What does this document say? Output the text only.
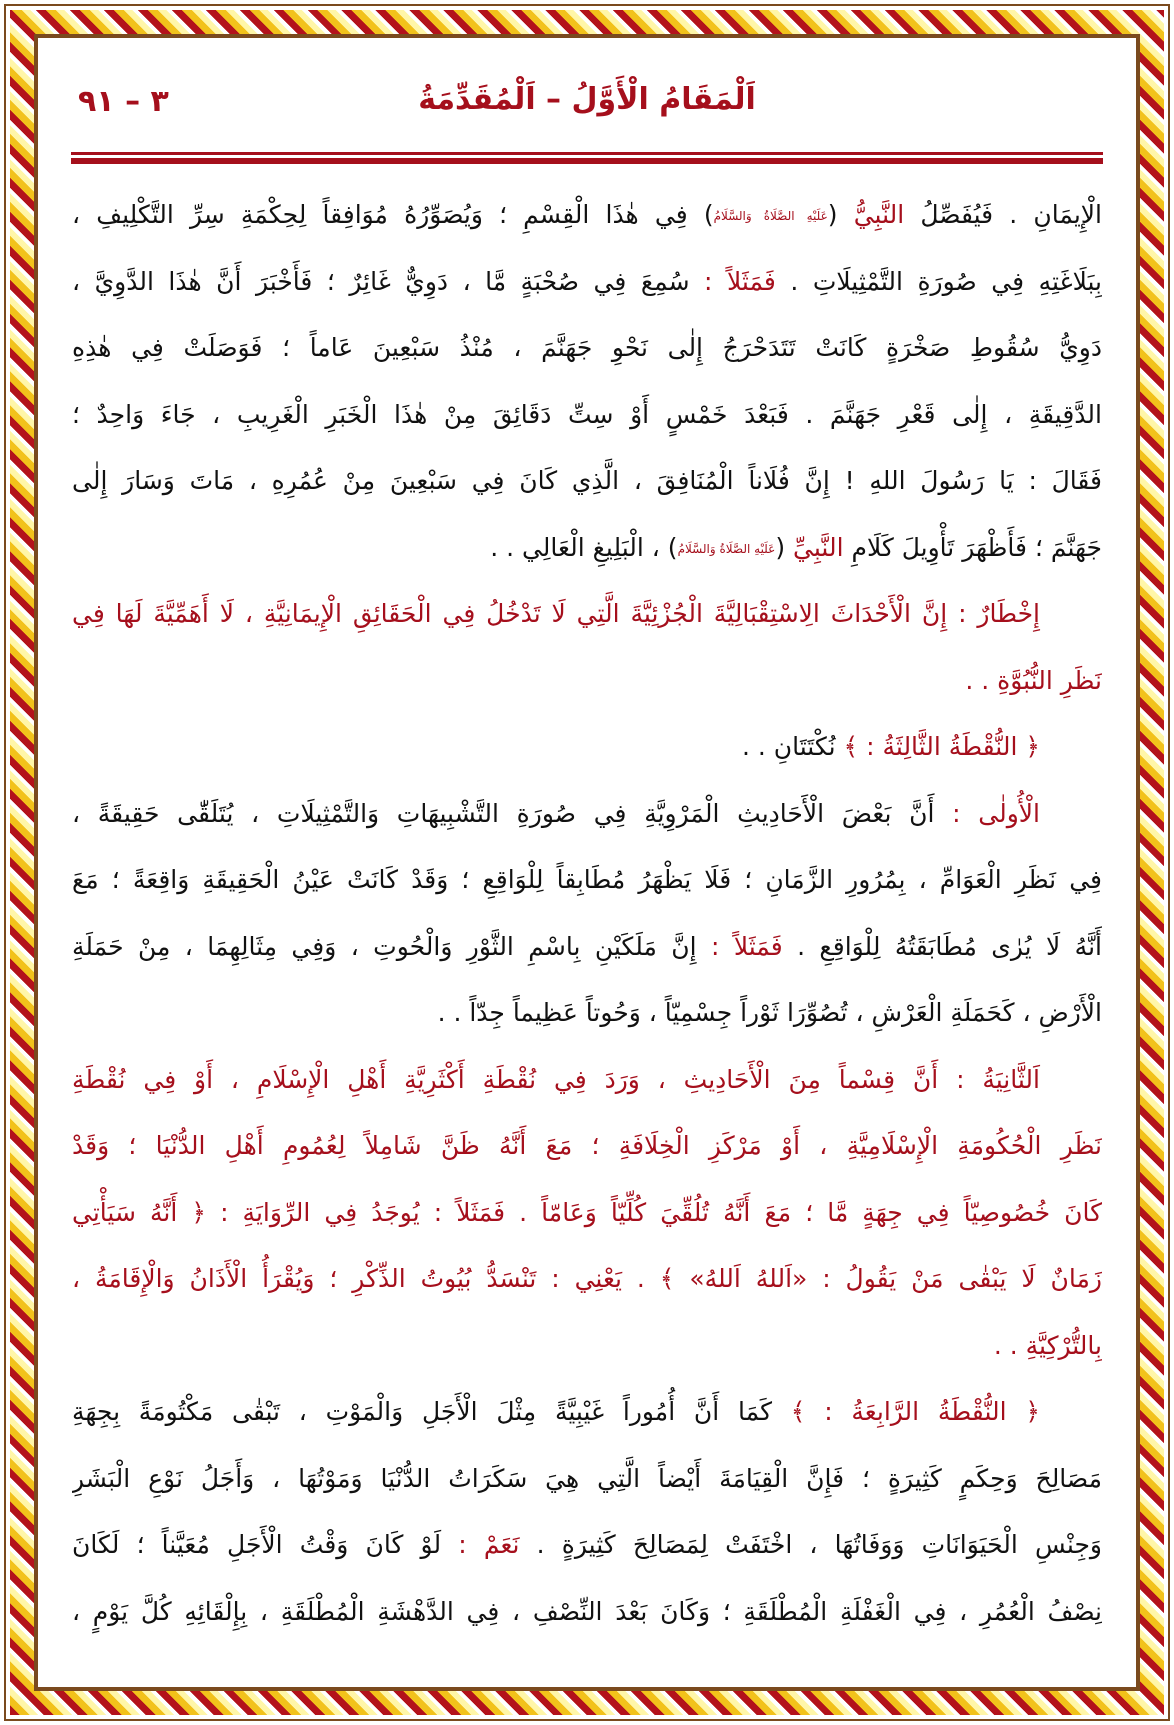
اَلْمَقَامُ الْأَوَّلُ – اَلْمُقَدِّمَةُ
٣ – ٩١
الْإِيمَانِ . فَيُفَصِّلُ النَّبِيُّ (عَلَيْهِ الصَّلَاةُ وَالسَّلَامُ) فِي هٰذَا الْقِسْمِ ؛ وَيُصَوِّرُهُ مُوَافِقاً لِحِكْمَةِ سِرِّ التَّكْلِيفِ ،
بِبَلَاغَتِهِ فِي صُورَةِ التَّمْثِيلَاتِ . فَمَثَلاً : سُمِعَ فِي صُحْبَةٍ مَّا ، دَوِيٌّ غَائِرٌ ؛ فَأَخْبَرَ أَنَّ هٰذَا الدَّوِيَّ ،
دَوِيُّ سُقُوطِ صَخْرَةٍ كَانَتْ تَتَدَحْرَجُ إِلٰى نَحْوِ جَهَنَّمَ ، مُنْذُ سَبْعِينَ عَاماً ؛ فَوَصَلَتْ فِي هٰذِهِ
الدَّقِيقَةِ ، إِلٰى قَعْرِ جَهَنَّمَ . فَبَعْدَ خَمْسٍ أَوْ سِتِّ دَقَائِقَ مِنْ هٰذَا الْخَبَرِ الْغَرِيبِ ، جَاءَ وَاحِدٌ ؛
فَقَالَ : يَا رَسُولَ اللهِ ! إِنَّ فُلَاناً الْمُنَافِقَ ، الَّذِي كَانَ فِي سَبْعِينَ مِنْ عُمُرِهِ ، مَاتَ وَسَارَ إِلٰى
جَهَنَّمَ ؛ فَأَظْهَرَ تَأْوِيلَ كَلَامِ النَّبِيِّ (عَلَيْهِ الصَّلَاةُ وَالسَّلَامُ) ، الْبَلِيغِ الْعَالِي . .
إِخْطَارٌ : إِنَّ الْأَحْدَاثَ الِاسْتِقْبَالِيَّةَ الْجُزْئِيَّةَ الَّتِي لَا تَدْخُلُ فِي الْحَقَائِقِ الْإِيمَانِيَّةِ ، لَا أَهَمِّيَّةَ لَهَا فِي
نَظَرِ النُّبُوَّةِ . .
﴿ النُّقْطَةُ الثَّالِثَةُ : ﴾ نُكْتَتَانِ . .
الْأُولٰى : أَنَّ بَعْضَ الْأَحَادِيثِ الْمَرْوِيَّةِ فِي صُورَةِ التَّشْبِيهَاتِ وَالتَّمْثِيلَاتِ ، يُتَلَقّٰى حَقِيقَةً ،
فِي نَظَرِ الْعَوَامِّ ، بِمُرُورِ الزَّمَانِ ؛ فَلَا يَظْهَرُ مُطَابِقاً لِلْوَاقِعِ ؛ وَقَدْ كَانَتْ عَيْنُ الْحَقِيقَةِ وَاقِعَةً ؛ مَعَ
أَنَّهُ لَا يُرٰى مُطَابَقَتُهُ لِلْوَاقِعِ . فَمَثَلاً : إِنَّ مَلَكَيْنِ بِاسْمِ الثَّوْرِ وَالْحُوتِ ، وَفِي مِثَالِهِمَا ، مِنْ حَمَلَةِ
الْأَرْضِ ، كَحَمَلَةِ الْعَرْشِ ، تُصُوِّرَا ثَوْراً جِسْمِيّاً ، وَحُوتاً عَظِيماً جِدّاً . .
اَلثَّانِيَةُ : أَنَّ قِسْماً مِنَ الْأَحَادِيثِ ، وَرَدَ فِي نُقْطَةِ أَكْثَرِيَّةِ أَهْلِ الْإِسْلَامِ ، أَوْ فِي نُقْطَةِ
نَظَرِ الْحُكُومَةِ الْإِسْلَامِيَّةِ ، أَوْ مَرْكَزِ الْخِلَافَةِ ؛ مَعَ أَنَّهُ ظَنَّ شَامِلاً لِعُمُومِ أَهْلِ الدُّنْيَا ؛ وَقَدْ
كَانَ خُصُوصِيّاً فِي جِهَةٍ مَّا ؛ مَعَ أَنَّهُ تُلُقِّيَ كُلِّيّاً وَعَامّاً . فَمَثَلاً : يُوجَدُ فِي الرِّوَايَةِ : ﴿ أَنَّهُ سَيَأْتِي
زَمَانٌ لَا يَبْقٰى مَنْ يَقُولُ : «اَللهُ اَللهُ» ﴾ . يَعْنِي : تَنْسَدُّ بُيُوتُ الذِّكْرِ ؛ وَيُقْرَأُ الْأَذَانُ وَالْإِقَامَةُ ،
بِالتُّرْكِيَّةِ . .
﴿ النُّقْطَةُ الرَّابِعَةُ : ﴾ كَمَا أَنَّ أُمُوراً غَيْبِيَّةً مِثْلَ الْأَجَلِ وَالْمَوْتِ ، تَبْقٰى مَكْتُومَةً بِجِهَةِ
مَصَالِحَ وَحِكَمٍ كَثِيرَةٍ ؛ فَإِنَّ الْقِيَامَةَ أَيْضاً الَّتِي هِيَ سَكَرَاتُ الدُّنْيَا وَمَوْتُهَا ، وَأَجَلُ نَوْعِ الْبَشَرِ
وَجِنْسِ الْحَيَوَانَاتِ وَوَفَاتُهَا ، اخْتَفَتْ لِمَصَالِحَ كَثِيرَةٍ . نَعَمْ : لَوْ كَانَ وَقْتُ الْأَجَلِ مُعَيَّناً ؛ لَكَانَ
نِصْفُ الْعُمُرِ ، فِي الْغَفْلَةِ الْمُطْلَقَةِ ؛ وَكَانَ بَعْدَ النِّصْفِ ، فِي الدَّهْشَةِ الْمُطْلَقَةِ ، بِإِلْقَائِهِ كُلَّ يَوْمٍ ،
